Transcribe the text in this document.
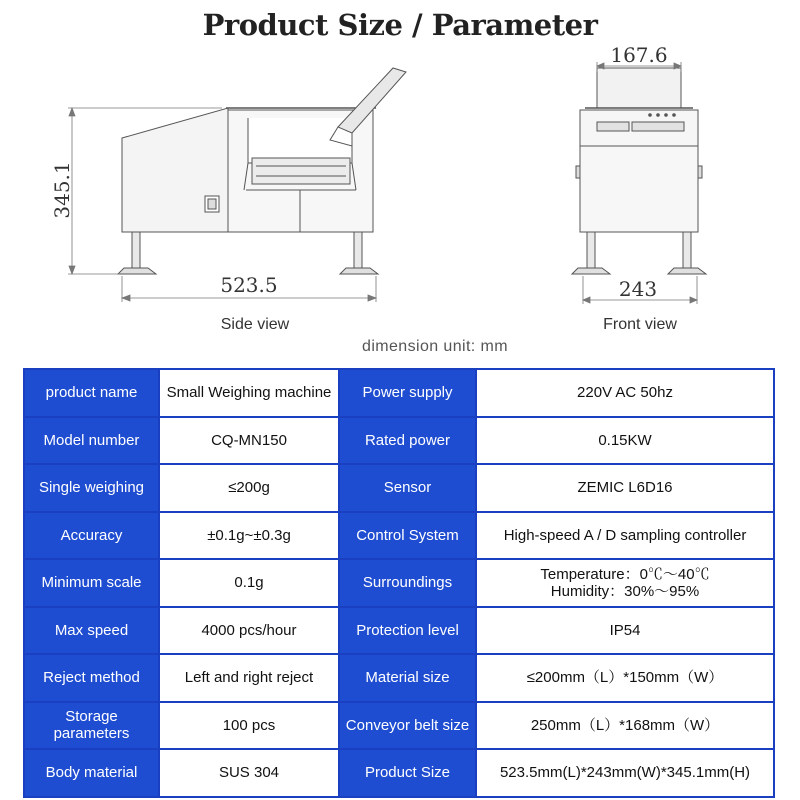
Product Size / Parameter
345.1
523.5
167.6
243
Side view	Front view
dimension unit: mm
product name	Small Weighing machine	Power supply	220V AC 50hz
Model number	CQ-MN150	Rated power	0.15KW
Single weighing	≤200g	Sensor	ZEMIC L6D16
Accuracy	±0.1g~±0.3g	Control System	High-speed A / D sampling controller
Minimum scale	0.1g	Surroundings	Temperature：0℃～40℃
Humidity：30%～95%

Max speed	4000 pcs/hour	Protection level	IP54
Reject method	Left and right reject	Material size	≤200mm（L）*150mm（W）
Storage parameters	100 pcs	Conveyor belt size	250mm（L）*168mm（W）
Body material	SUS 304	Product Size	523.5mm(L)*243mm(W)*345.1mm(H)
